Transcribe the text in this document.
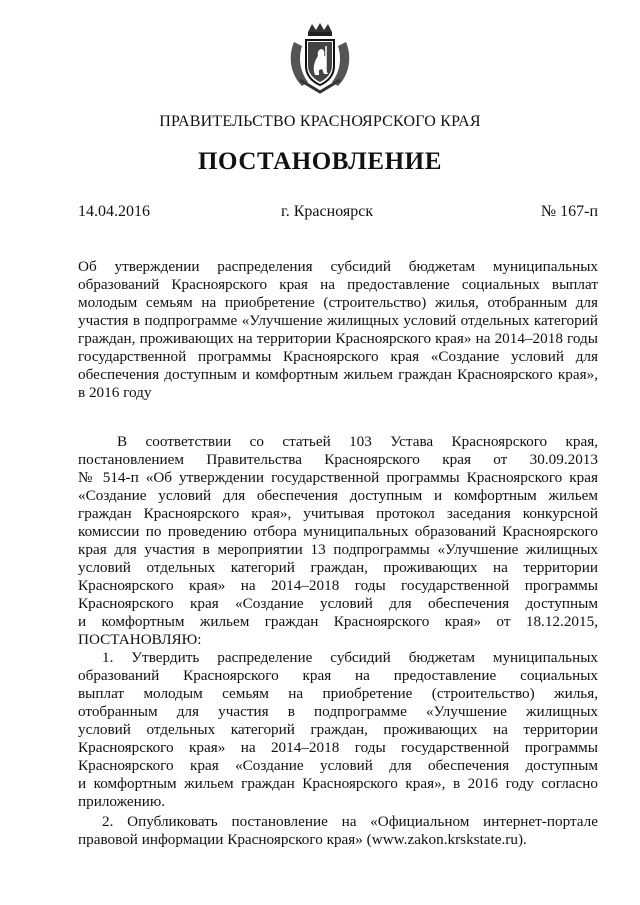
ПРАВИТЕЛЬСТВО КРАСНОЯРСКОГО КРАЯ
ПОСТАНОВЛЕНИЕ
14.04.2016	г. Красноярск	№ 167-п
Об утверждении распределения субсидий бюджетам муниципальных
образований Красноярского края на предоставление социальных выплат
молодым семьям на приобретение (строительство) жилья, отобранным для
участия в подпрограмме «Улучшение жилищных условий отдельных категорий
граждан, проживающих на территории Красноярского края» на 2014–2018 годы
государственной программы Красноярского края «Создание условий для
обеспечения доступным и комфортным жильем граждан Красноярского края»,
в 2016 году
В соответствии со статьей 103 Устава Красноярского края,
постановлением Правительства Красноярского края от 30.09.2013
№ 514-п «Об утверждении государственной программы Красноярского края
«Создание условий для обеспечения доступным и комфортным жильем
граждан Красноярского края», учитывая протокол заседания конкурсной
комиссии по проведению отбора муниципальных образований Красноярского
края для участия в мероприятии 13 подпрограммы «Улучшение жилищных
условий отдельных категорий граждан, проживающих на территории
Красноярского края» на 2014–2018 годы государственной программы
Красноярского края «Создание условий для обеспечения доступным
и комфортным жильем граждан Красноярского края» от 18.12.2015,
ПОСТАНОВЛЯЮ:
1. Утвердить распределение субсидий бюджетам муниципальных
образований Красноярского края на предоставление социальных
выплат молодым семьям на приобретение (строительство) жилья,
отобранным для участия в подпрограмме «Улучшение жилищных
условий отдельных категорий граждан, проживающих на территории
Красноярского края» на 2014–2018 годы государственной программы
Красноярского края «Создание условий для обеспечения доступным
и комфортным жильем граждан Красноярского края», в 2016 году согласно
приложению.
2. Опубликовать постановление на «Официальном интернет-портале
правовой информации Красноярского края» (www.zakon.krskstate.ru).
